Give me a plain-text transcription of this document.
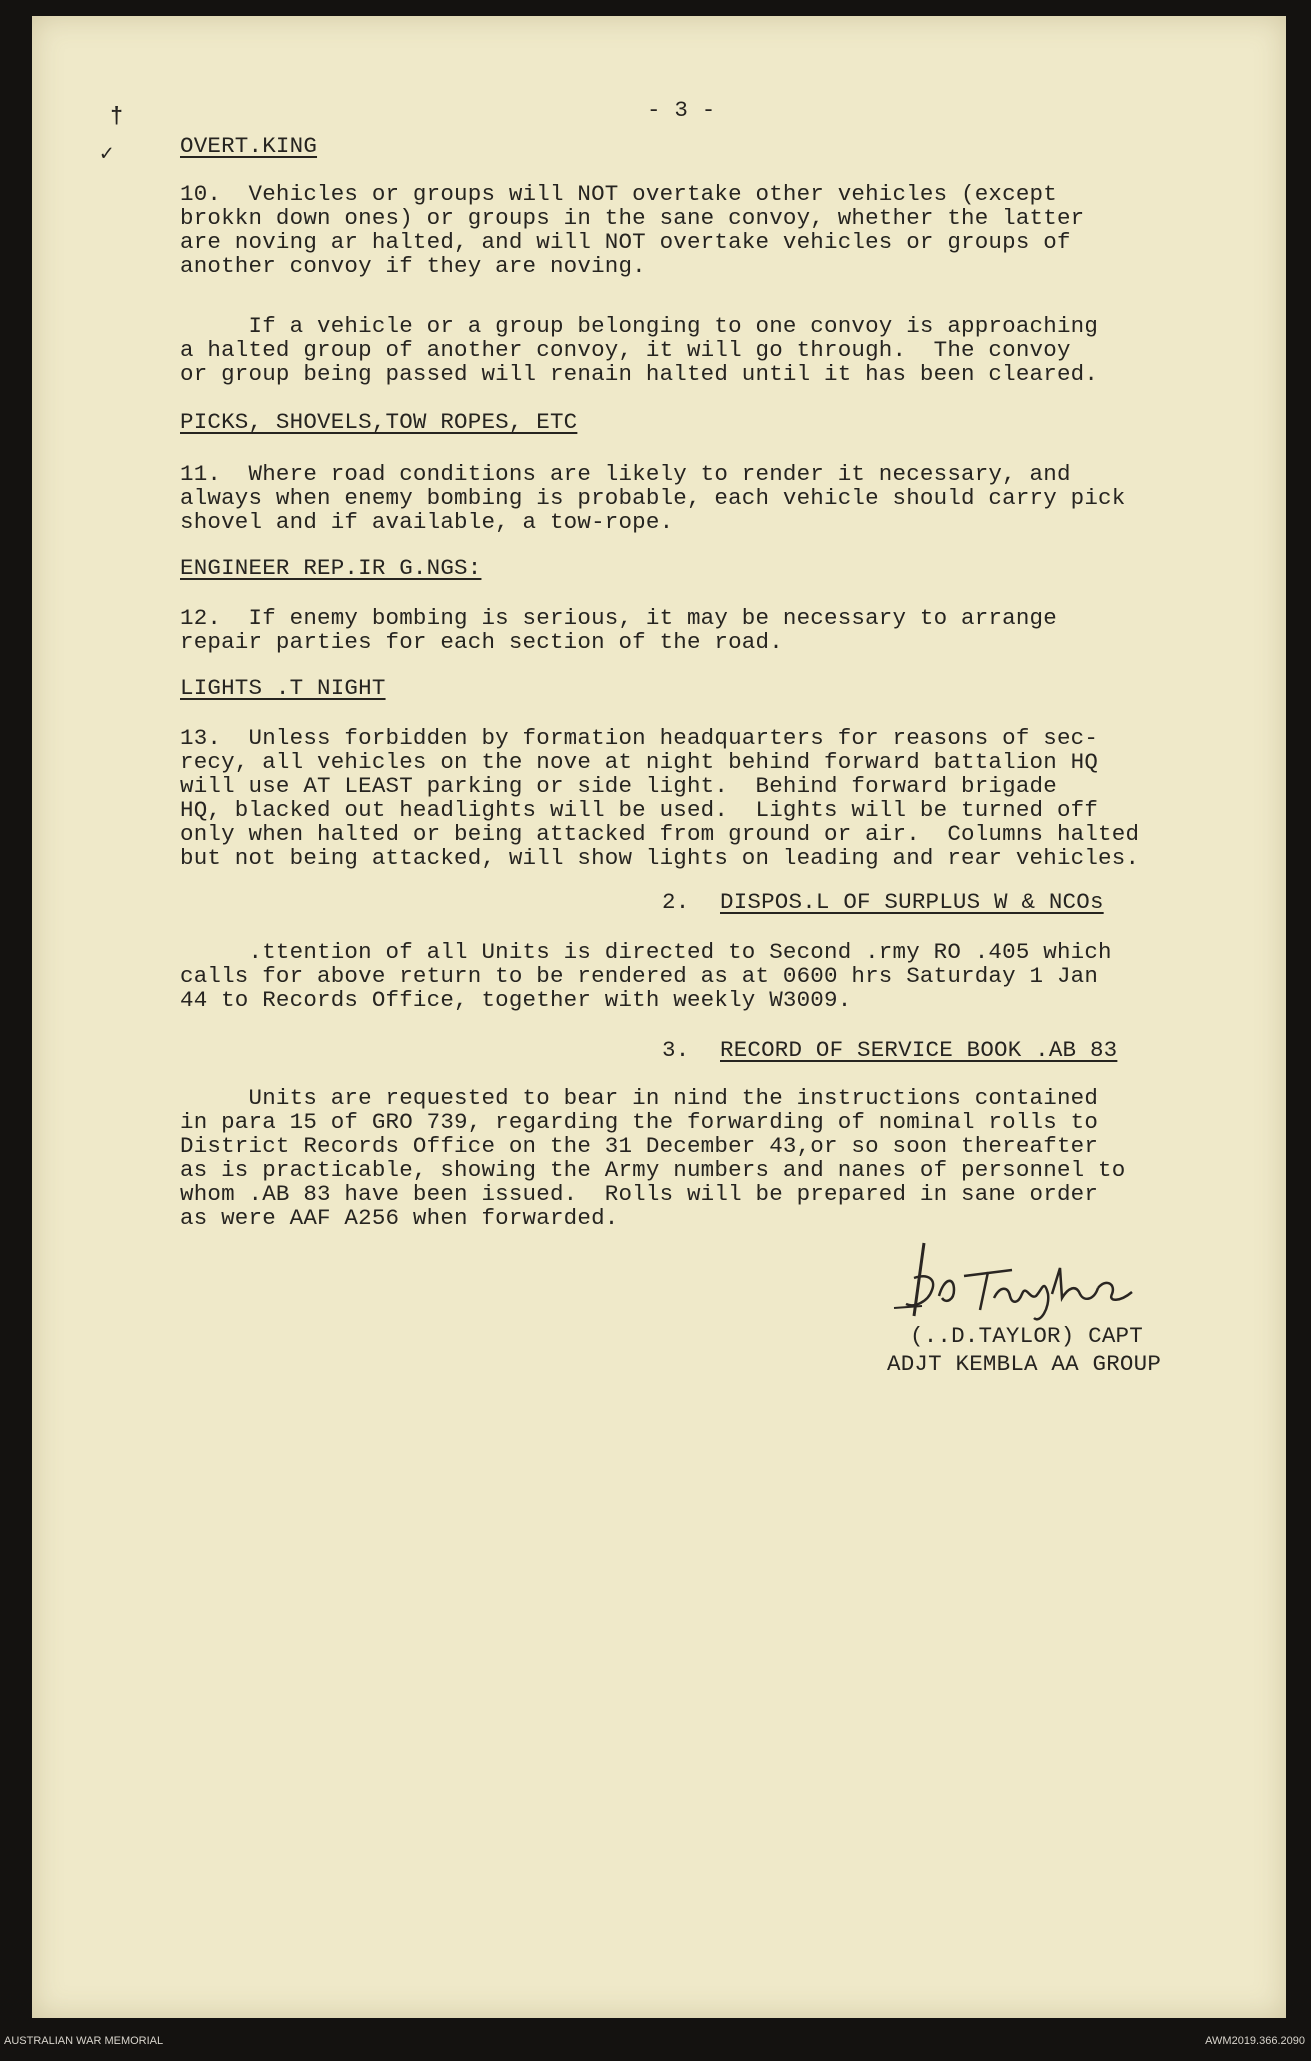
- 3 -
†
✓	OVERT.KING
10.  Vehicles or groups will NOT overtake other vehicles (except
brokkn down ones) or groups in the sane convoy, whether the latter
are noving ar halted, and will NOT overtake vehicles or groups of
another convoy if they are noving.
If a vehicle or a group belonging to one convoy is approaching
a halted group of another convoy, it will go through.  The convoy
or group being passed will renain halted until it has been cleared.
PICKS, SHOVELS,TOW ROPES, ETC
11.  Where road conditions are likely to render it necessary, and
always when enemy bombing is probable, each vehicle should carry pick
shovel and if available, a tow-rope.
ENGINEER REP.IR G.NGS:
12.  If enemy bombing is serious, it may be necessary to arrange
repair parties for each section of the road.
LIGHTS .T NIGHT
13.  Unless forbidden by formation headquarters for reasons of sec-
recy, all vehicles on the nove at night behind forward battalion HQ
will use AT LEAST parking or side light.  Behind forward brigade
HQ, blacked out headlights will be used.  Lights will be turned off
only when halted or being attacked from ground or air.  Columns halted
but not being attacked, will show lights on leading and rear vehicles.
2. DISPOS.L OF SURPLUS W & NCOs
.ttention of all Units is directed to Second .rmy RO .405 which
calls for above return to be rendered as at 0600 hrs Saturday 1 Jan
44 to Records Office, together with weekly W3009.
3. RECORD OF SERVICE BOOK .AB 83
Units are requested to bear in nind the instructions contained
in para 15 of GRO 739, regarding the forwarding of nominal rolls to
District Records Office on the 31 December 43,or so soon thereafter
as is practicable, showing the Army numbers and nanes of personnel to
whom .AB 83 have been issued.  Rolls will be prepared in sane order
as were AAF A256 when forwarded.
(..D.TAYLOR) CAPT
ADJT KEMBLA AA GROUP
AUSTRALIAN WAR MEMORIAL	AWM2019.366.2090
